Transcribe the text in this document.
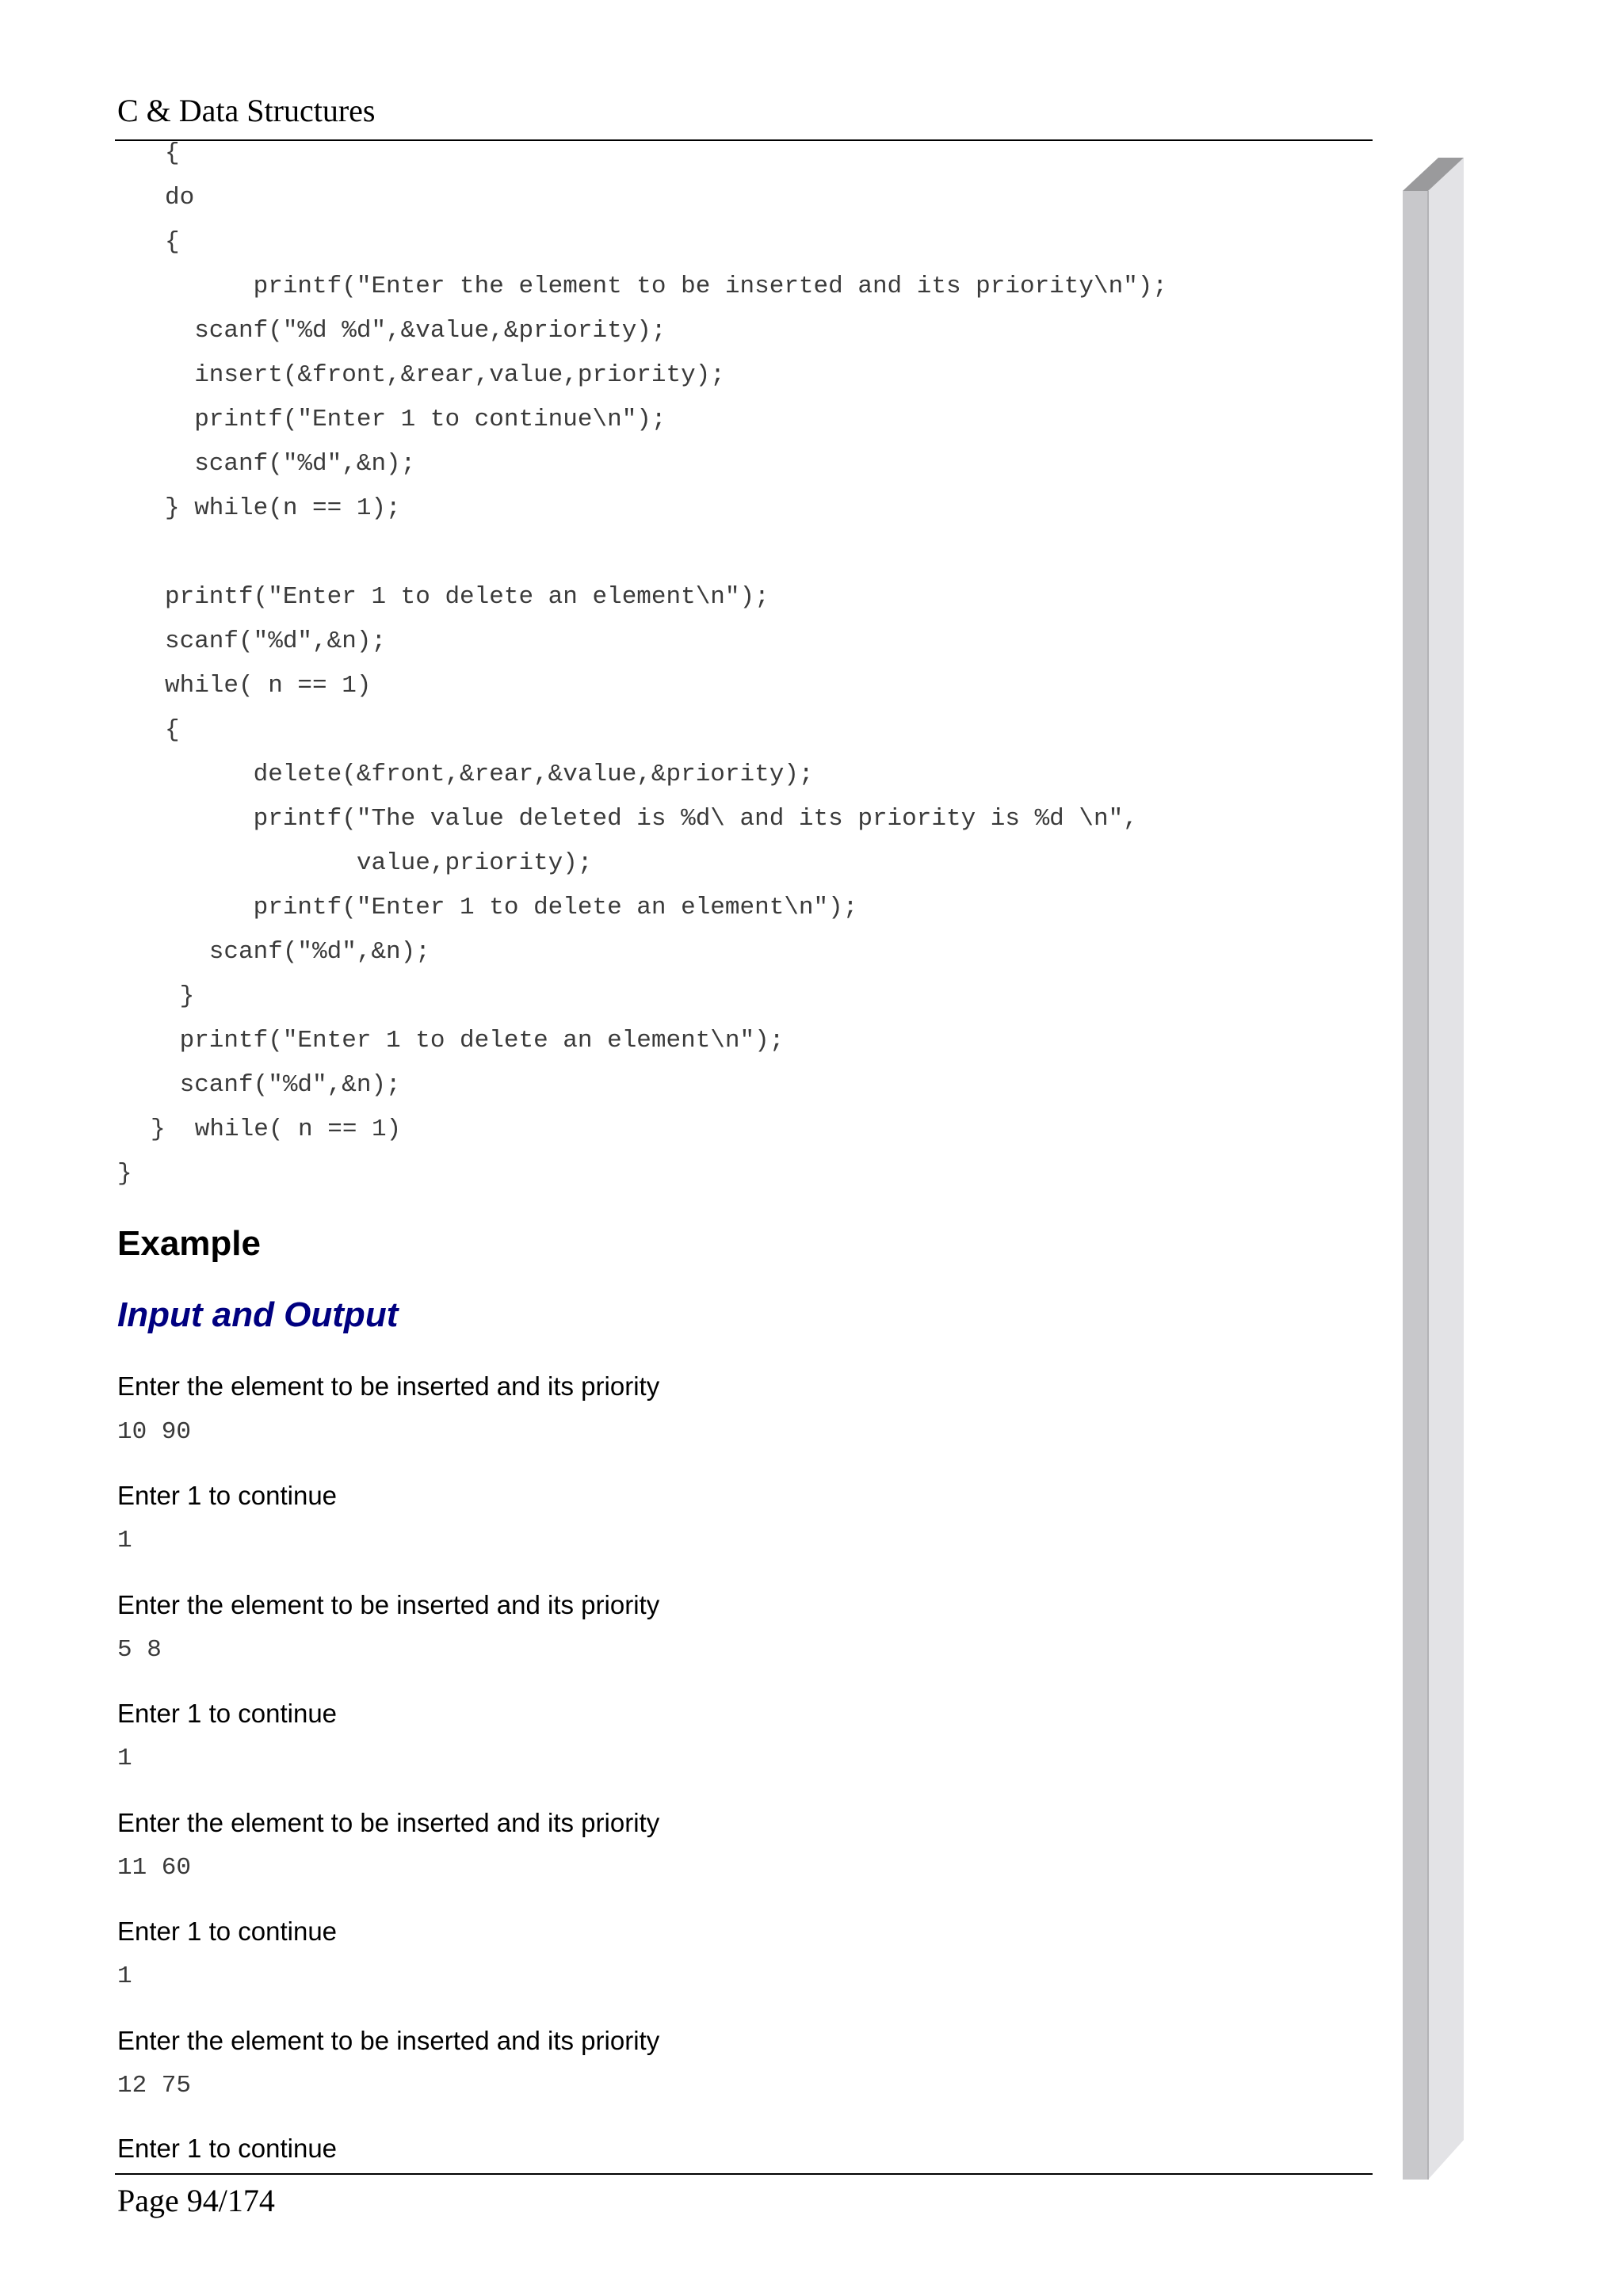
C & Data Structures
{
do
{
printf("Enter the element to be inserted and its priority\n");
scanf("%d %d",&value,&priority);
insert(&front,&rear,value,priority);
printf("Enter 1 to continue\n");
scanf("%d",&n);
} while(n == 1);
printf("Enter 1 to delete an element\n");
scanf("%d",&n);
while( n == 1)
{
delete(&front,&rear,&value,&priority);
printf("The value deleted is %d\ and its priority is %d \n",
value,priority);
printf("Enter 1 to delete an element\n");
scanf("%d",&n);
}
printf("Enter 1 to delete an element\n");
scanf("%d",&n);
}  while( n == 1)
}
Example
Input and Output
Enter the element to be inserted and its priority
10 90
Enter 1 to continue
1
Enter the element to be inserted and its priority
5 8
Enter 1 to continue
1
Enter the element to be inserted and its priority
11 60
Enter 1 to continue
1
Enter the element to be inserted and its priority
12 75
Enter 1 to continue
Page 94/174
